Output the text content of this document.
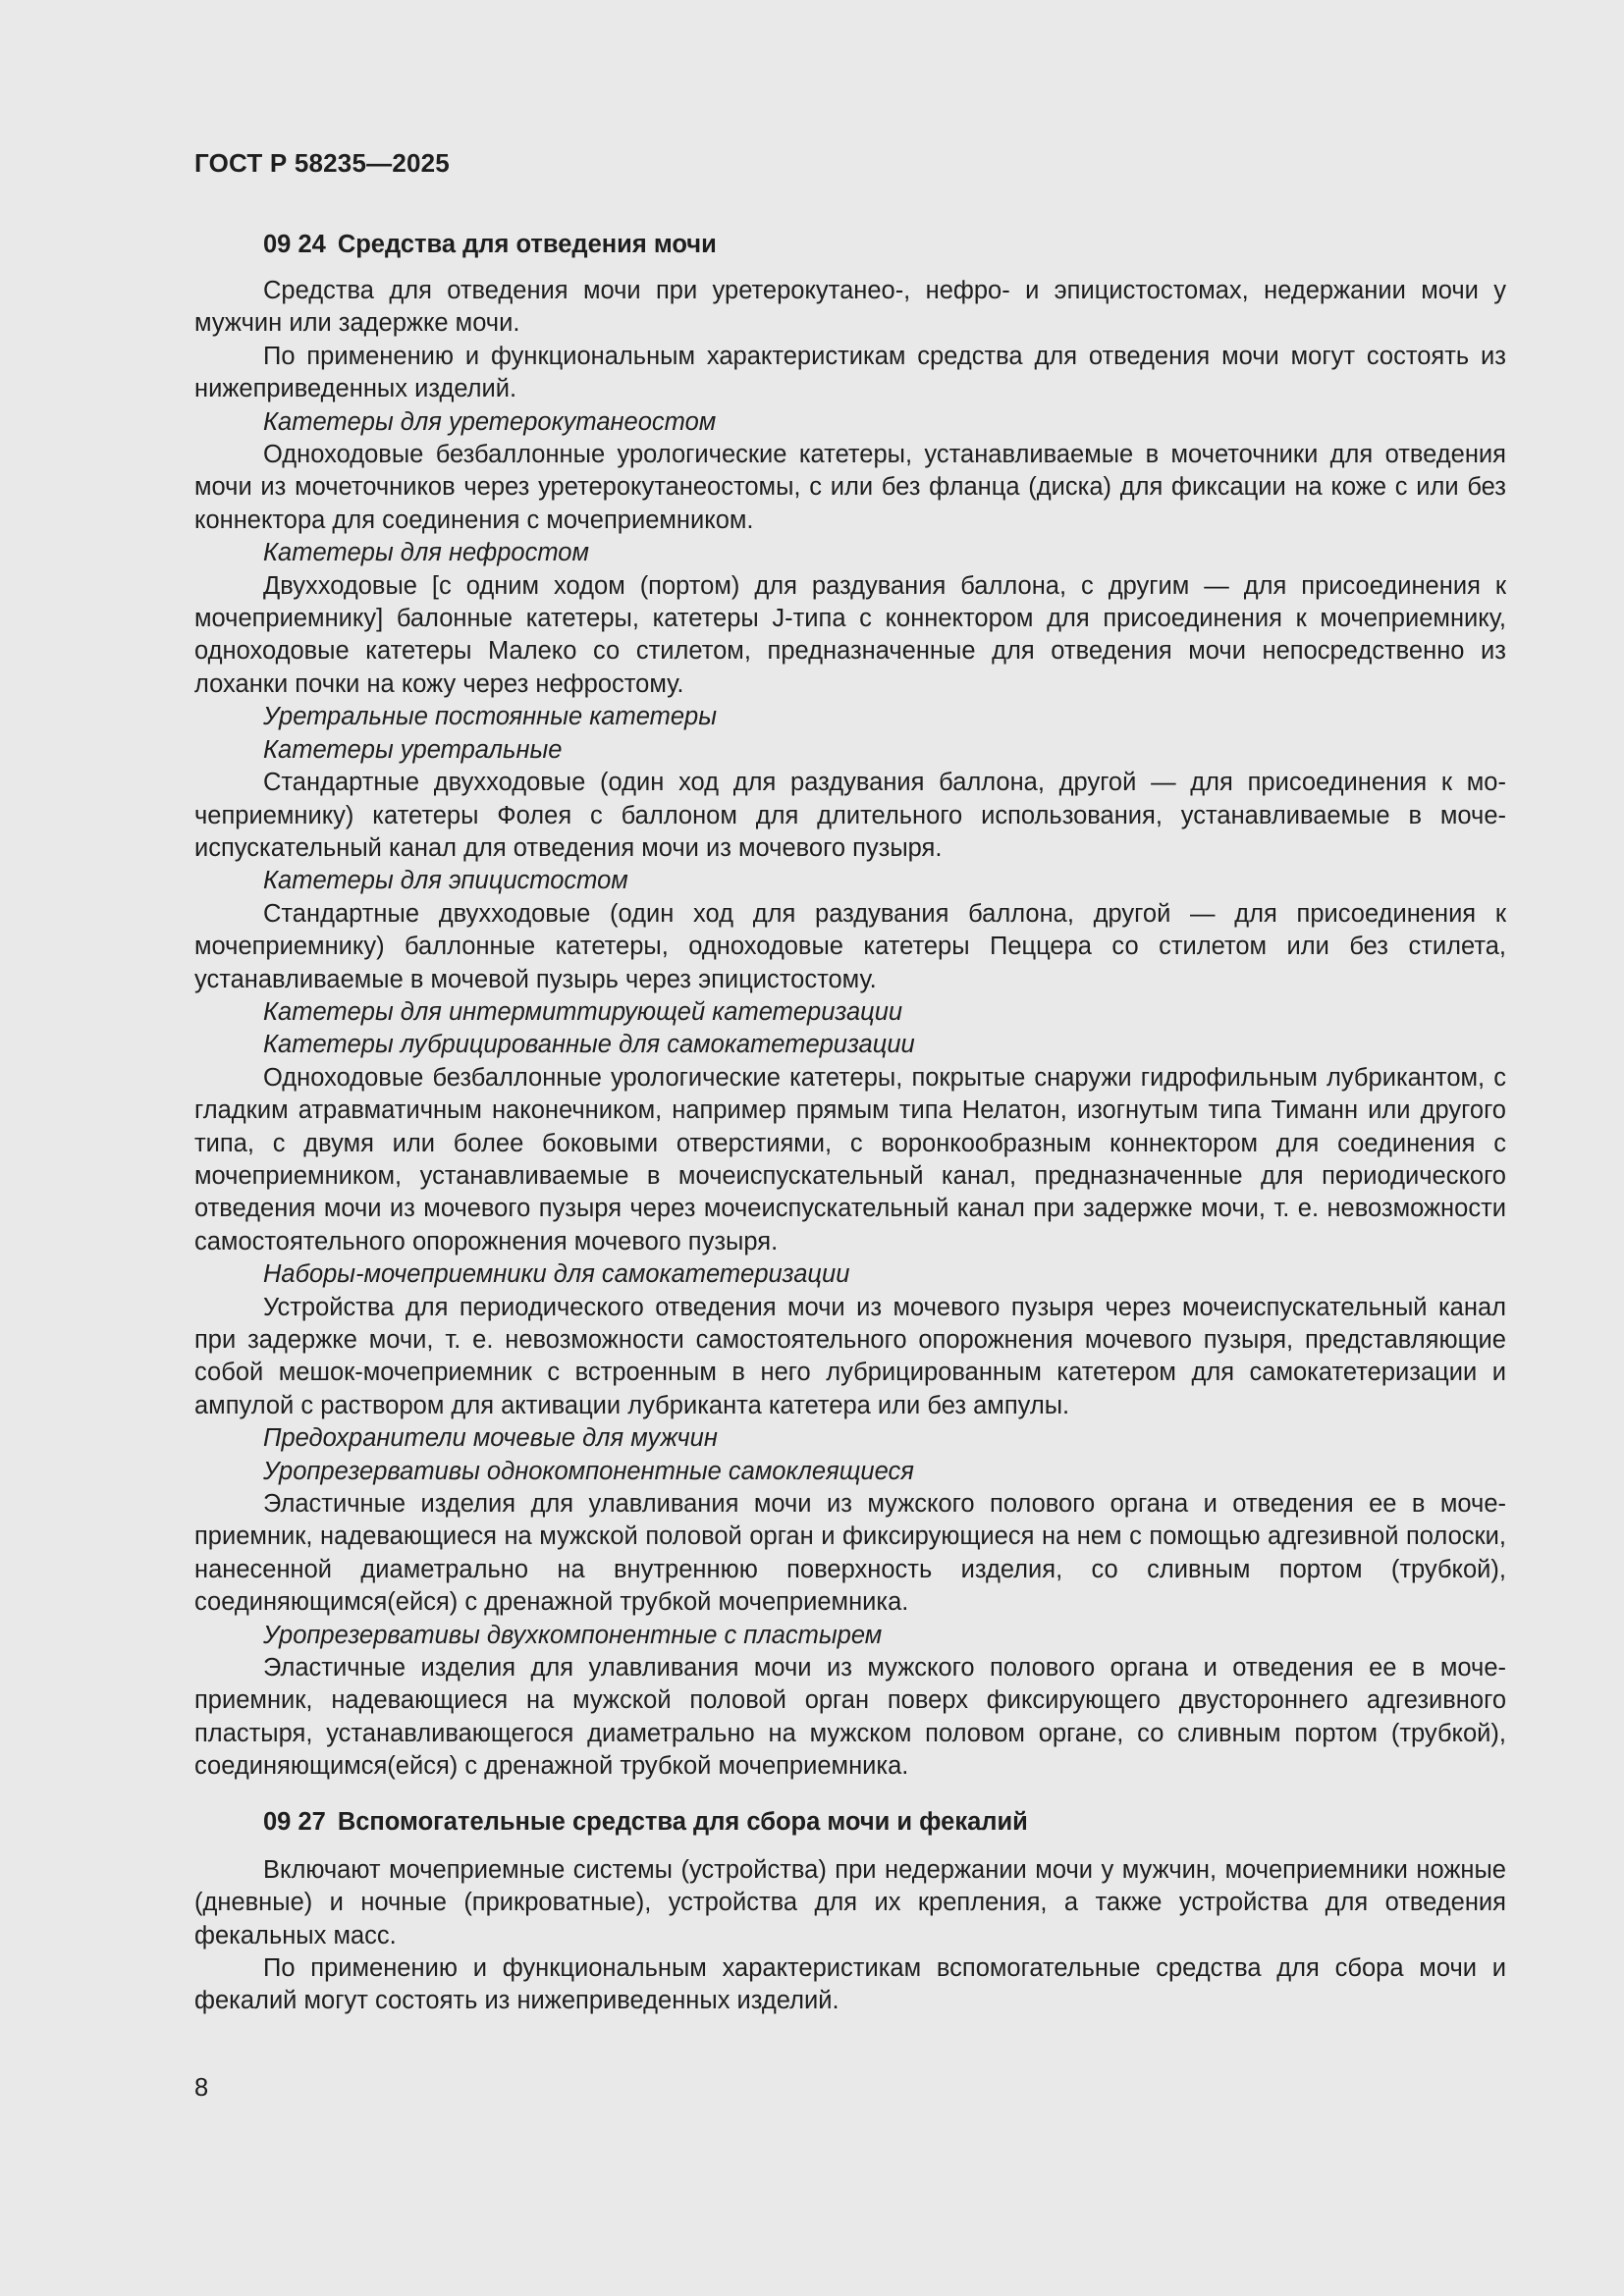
ГОСТ Р 58235—2025
09 24 Средства для отведения мочи

Средства для отведения мочи при уретерокутанео-, нефро- и эпицистостомах, недержании мочи у мужчин или задержке мочи.

По применению и функциональным характеристикам средства для отведения мочи могут состоять из нижеприведенных изделий.

Катетеры для уретерокутанеостом

Одноходовые безбаллонные урологические катетеры, устанавливаемые в мочеточники для отведения мочи из мочеточников через уретерокутанеостомы, с или без фланца (диска) для фиксации на коже с или без коннектора для соединения с мочеприемником.

Катетеры для нефростом

Двухходовые [с одним ходом (портом) для раздувания баллона, с другим — для присоединения к мочеприемнику] балонные катетеры, катетеры J-типа с коннектором для присоединения к мочеприемнику, одноходовые катетеры Малеко со стилетом, предназначенные для отведения мочи непосредственно из лоханки почки на кожу через нефростому.

Уретральные постоянные катетеры

Катетеры уретральные

Стандартные двухходовые (один ход для раздувания баллона, другой — для присоединения к мочеприемнику) катетеры Фолея с баллоном для длительного использования, устанавливаемые в мочеиспускательный канал для отведения мочи из мочевого пузыря.

Катетеры для эпицистостом

Стандартные двухходовые (один ход для раздувания баллона, другой — для присоединения к мочеприемнику) баллонные катетеры, одноходовые катетеры Пеццера со стилетом или без стилета, устанавливаемые в мочевой пузырь через эпицистостому.

Катетеры для интермиттирующей катетеризации

Катетеры лубрицированные для самокатетеризации

Одноходовые безбаллонные урологические катетеры, покрытые снаружи гидрофильным лубрикантом, с гладким атравматичным наконечником, например прямым типа Нелатон, изогнутым типа Тиманн или другого типа, с двумя или более боковыми отверстиями, с воронкообразным коннектором для соединения с мочеприемником, устанавливаемые в мочеиспускательный канал, предназначенные для периодического отведения мочи из мочевого пузыря через мочеиспускательный канал при задержке мочи, т. е. невозможности самостоятельного опорожнения мочевого пузыря.

Наборы-мочеприемники для самокатетеризации

Устройства для периодического отведения мочи из мочевого пузыря через мочеиспускательный канал при задержке мочи, т. е. невозможности самостоятельного опорожнения мочевого пузыря, представляющие собой мешок-мочеприемник с встроенным в него лубрицированным катетером для самокатетеризации и ампулой с раствором для активации лубриканта катетера или без ампулы.

Предохранители мочевые для мужчин

Уропрезервативы однокомпонентные самоклеящиеся

Эластичные изделия для улавливания мочи из мужского полового органа и отведения ее в мочеприемник, надевающиеся на мужской половой орган и фиксирующиеся на нем с помощью адгезивной полоски, нанесенной диаметрально на внутреннюю поверхность изделия, со сливным портом (трубкой), соединяющимся(ейся) с дренажной трубкой мочеприемника.

Уропрезервативы двухкомпонентные с пластырем

Эластичные изделия для улавливания мочи из мужского полового органа и отведения ее в мочеприемник, надевающиеся на мужской половой орган поверх фиксирующего двустороннего адгезивного пластыря, устанавливающегося диаметрально на мужском половом органе, со сливным портом (трубкой), соединяющимся(ейся) с дренажной трубкой мочеприемника.

09 27 Вспомогательные средства для сбора мочи и фекалий

Включают мочеприемные системы (устройства) при недержании мочи у мужчин, мочеприемники ножные (дневные) и ночные (прикроватные), устройства для их крепления, а также устройства для отведения фекальных масс.

По применению и функциональным характеристикам вспомогательные средства для сбора мочи и фекалий могут состоять из нижеприведенных изделий.

8
